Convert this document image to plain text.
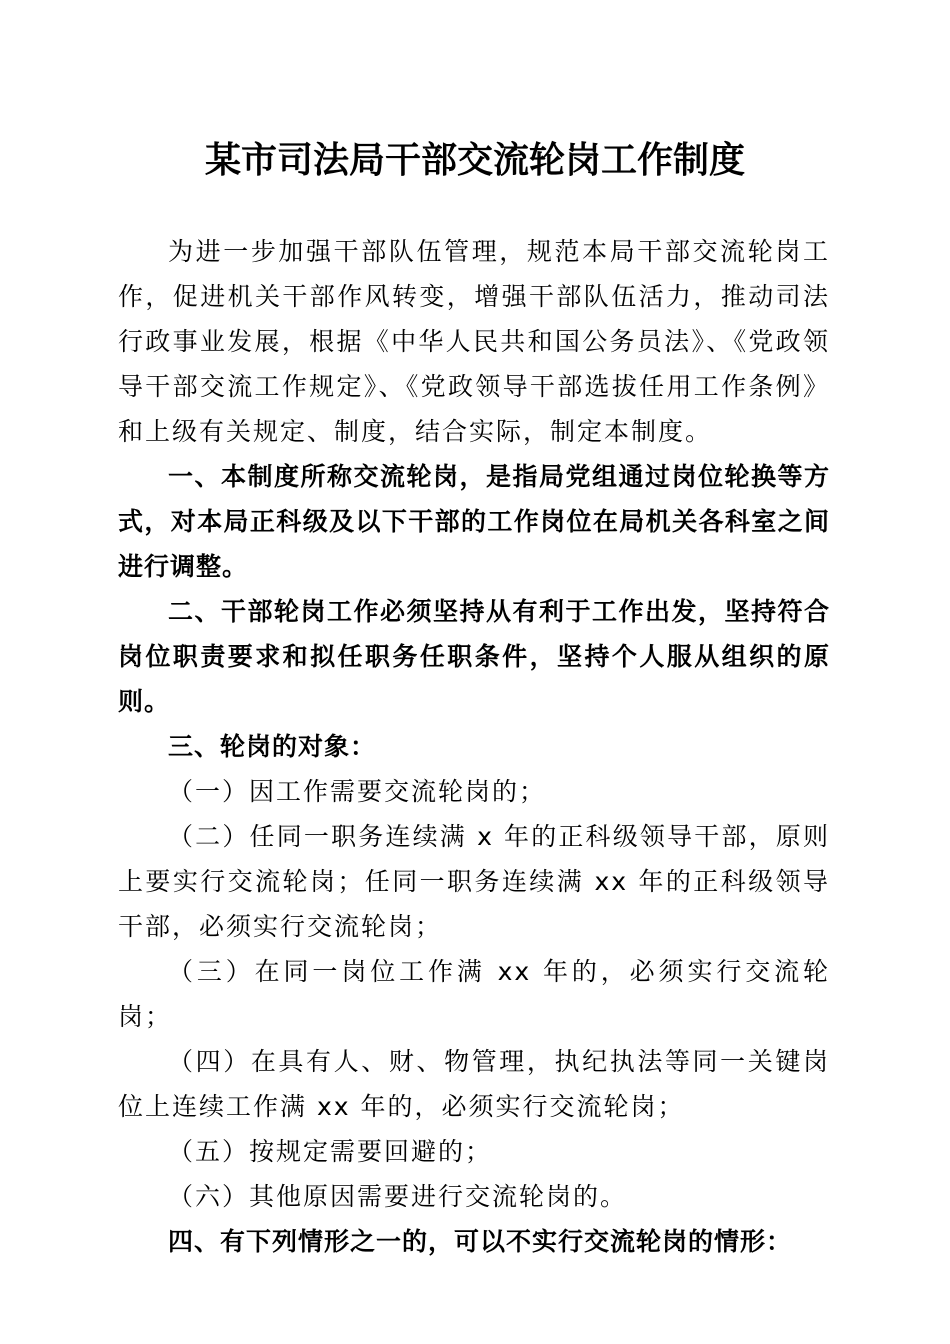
某市司法局干部交流轮岗工作制度

为进一步加强干部队伍管理，规范本局干部交流轮岗工作，促进机关干部作风转变，增强干部队伍活力，推动司法行政事业发展，根据《中华人民共和国公务员法》、《党政领导干部交流工作规定》、《党政领导干部选拔任用工作条例》和上级有关规定、制度，结合实际，制定本制度。

一、本制度所称交流轮岗，是指局党组通过岗位轮换等方式，对本局正科级及以下干部的工作岗位在局机关各科室之间进行调整。

二、干部轮岗工作必须坚持从有利于工作出发，坚持符合岗位职责要求和拟任职务任职条件，坚持个人服从组织的原则。

三、轮岗的对象：

（一）因工作需要交流轮岗的；

（二）任同一职务连续满 x 年的正科级领导干部，原则上要实行交流轮岗；任同一职务连续满 xx 年的正科级领导干部，必须实行交流轮岗；

（三）在同一岗位工作满 xx 年的，必须实行交流轮岗；

（四）在具有人、财、物管理，执纪执法等同一关键岗位上连续工作满 xx 年的，必须实行交流轮岗；

（五）按规定需要回避的；

（六）其他原因需要进行交流轮岗的。

四、有下列情形之一的，可以不实行交流轮岗的情形：
